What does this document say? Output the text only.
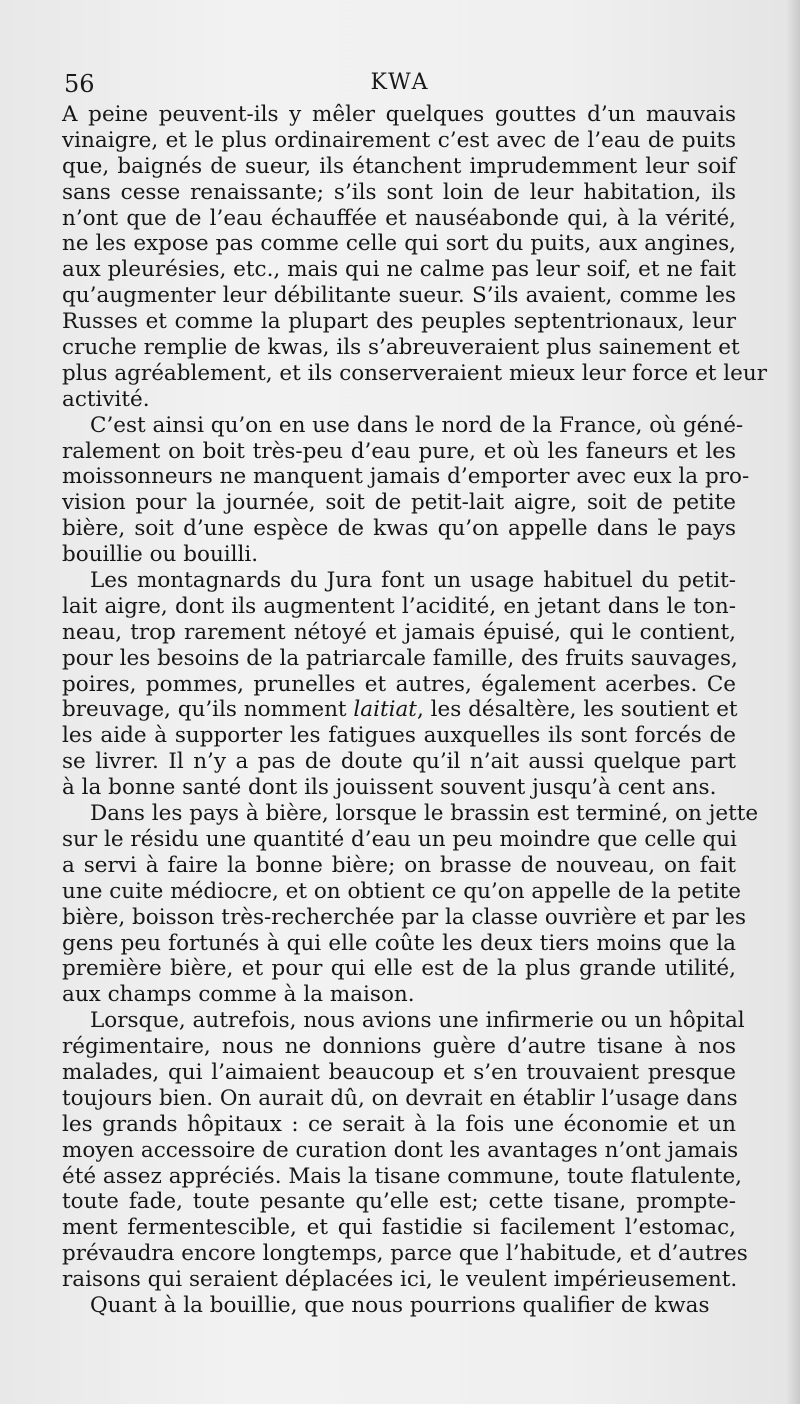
56	KWA
A peine peuvent-ils y mêler quelques gouttes d’un mauvais
vinaigre, et le plus ordinairement c’est avec de l’eau de puits
que, baignés de sueur, ils étanchent imprudemment leur soif
sans cesse renaissante; s’ils sont loin de leur habitation, ils
n’ont que de l’eau échauffée et nauséabonde qui, à la vérité,
ne les expose pas comme celle qui sort du puits, aux angines,
aux pleurésies, etc., mais qui ne calme pas leur soif, et ne fait
qu’augmenter leur débilitante sueur. S’ils avaient, comme les
Russes et comme la plupart des peuples septentrionaux, leur
cruche remplie de kwas, ils s’abreuveraient plus sainement et
plus agréablement, et ils conserveraient mieux leur force et leur
activité.
C’est ainsi qu’on en use dans le nord de la France, où géné-
ralement on boit très-peu d’eau pure, et où les faneurs et les
moissonneurs ne manquent jamais d’emporter avec eux la pro-
vision pour la journée, soit de petit-lait aigre, soit de petite
bière, soit d’une espèce de kwas qu’on appelle dans le pays
bouillie ou bouilli.
Les montagnards du Jura font un usage habituel du petit-
lait aigre, dont ils augmentent l’acidité, en jetant dans le ton-
neau, trop rarement nétoyé et jamais épuisé, qui le contient,
pour les besoins de la patriarcale famille, des fruits sauvages,
poires, pommes, prunelles et autres, également acerbes. Ce
breuvage, qu’ils nomment laitiat, les désaltère, les soutient et
les aide à supporter les fatigues auxquelles ils sont forcés de
se livrer. Il n’y a pas de doute qu’il n’ait aussi quelque part
à la bonne santé dont ils jouissent souvent jusqu’à cent ans.
Dans les pays à bière, lorsque le brassin est terminé, on jette
sur le résidu une quantité d’eau un peu moindre que celle qui
a servi à faire la bonne bière; on brasse de nouveau, on fait
une cuite médiocre, et on obtient ce qu’on appelle de la petite
bière, boisson très-recherchée par la classe ouvrière et par les
gens peu fortunés à qui elle coûte les deux tiers moins que la
première bière, et pour qui elle est de la plus grande utilité,
aux champs comme à la maison.
Lorsque, autrefois, nous avions une infirmerie ou un hôpital
régimentaire, nous ne donnions guère d’autre tisane à nos
malades, qui l’aimaient beaucoup et s’en trouvaient presque
toujours bien. On aurait dû, on devrait en établir l’usage dans
les grands hôpitaux : ce serait à la fois une économie et un
moyen accessoire de curation dont les avantages n’ont jamais
été assez appréciés. Mais la tisane commune, toute flatulente,
toute fade, toute pesante qu’elle est; cette tisane, prompte-
ment fermentescible, et qui fastidie si facilement l’estomac,
prévaudra encore longtemps, parce que l’habitude, et d’autres
raisons qui seraient déplacées ici, le veulent impérieusement.
Quant à la bouillie, que nous pourrions qualifier de kwas
